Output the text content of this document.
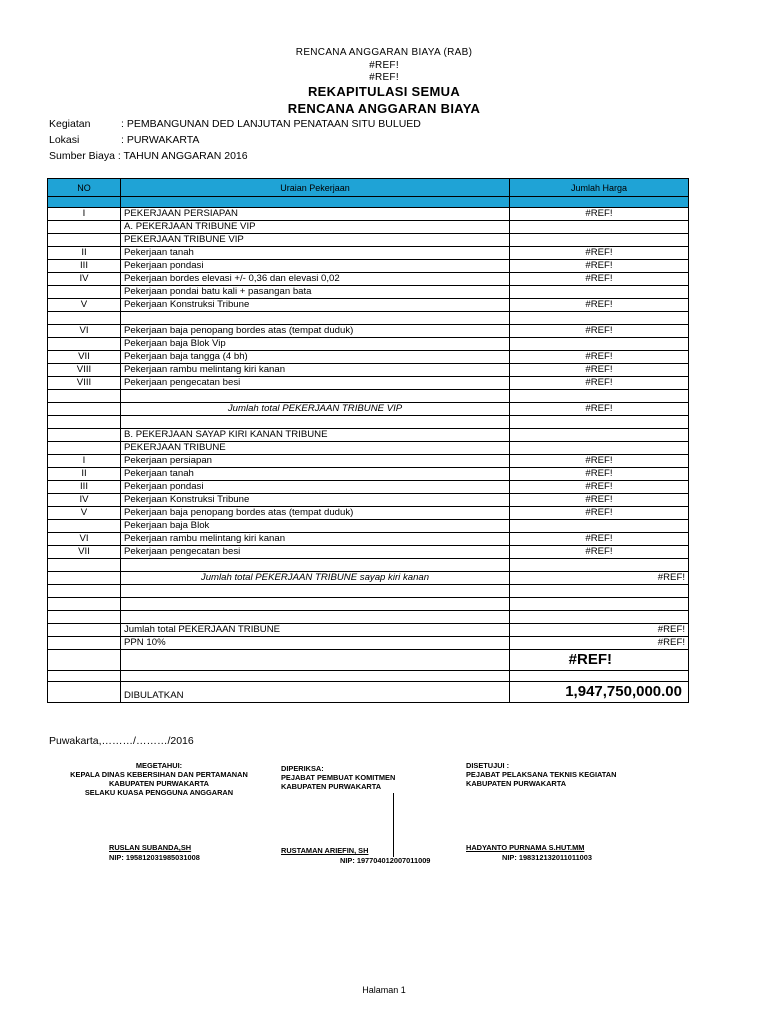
RENCANA ANGGARAN BIAYA (RAB)
#REF!
#REF!
REKAPITULASI SEMUA
RENCANA ANGGARAN BIAYA
Kegiatan	: PEMBANGUNAN DED LANJUTAN PENATAAN SITU BULUED
Lokasi	: PURWAKARTA
Sumber Biaya : TAHUN ANGGARAN 2016
NO	Uraian Pekerjaan	Jumlah Harga

I	PEKERJAAN PERSIAPAN	#REF!
	A. PEKERJAAN TRIBUNE VIP	
	PEKERJAAN TRIBUNE VIP	
II	Pekerjaan tanah	#REF!
III	Pekerjaan pondasi	#REF!
IV	Pekerjaan bordes elevasi +/- 0,36 dan elevasi 0,02	#REF!
	Pekerjaan pondai batu kali + pasangan bata	
V	Pekerjaan Konstruksi Tribune	#REF!

VI	Pekerjaan baja penopang bordes atas (tempat duduk)	#REF!
	Pekerjaan baja Blok Vip	
VII	Pekerjaan baja tangga (4 bh)	#REF!
VIII	Pekerjaan rambu melintang kiri kanan	#REF!
VIII	Pekerjaan pengecatan besi	#REF!

	Jumlah total PEKERJAAN TRIBUNE VIP	#REF!

	B. PEKERJAAN SAYAP KIRI KANAN TRIBUNE	
	PEKERJAAN TRIBUNE	
I	Pekerjaan persiapan	#REF!
II	Pekerjaan tanah	#REF!
III	Pekerjaan pondasi	#REF!
IV	Pekerjaan Konstruksi Tribune	#REF!
V	Pekerjaan baja penopang bordes atas (tempat duduk)	#REF!
	Pekerjaan baja Blok	
VI	Pekerjaan rambu melintang kiri kanan	#REF!
VII	Pekerjaan pengecatan besi	#REF!

	Jumlah total PEKERJAAN TRIBUNE sayap kiri kanan	#REF!

	Jumlah total PEKERJAAN TRIBUNE	#REF!
	PPN 10%	#REF!
		#REF!

	DIBULATKAN	1,947,750,000.00
Puwakarta,………/………/2016
MEGETAHUI:
KEPALA DINAS KEBERSIHAN DAN PERTAMANAN
KABUPATEN PURWAKARTA
SELAKU KUASA PENGGUNA ANGGARAN
RUSLAN SUBANDA,SH
NIP: 195812031985031008
DIPERIKSA:
PEJABAT PEMBUAT KOMITMEN
KABUPATEN PURWAKARTA
RUSTAMAN ARIEFIN, SH
NIP: 197704012007011009
DISETUJUI :
PEJABAT PELAKSANA TEKNIS KEGIATAN
KABUPATEN PURWAKARTA
HADYANTO PURNAMA S.HUT.MM
NIP: 198312132011011003
Halaman 1
